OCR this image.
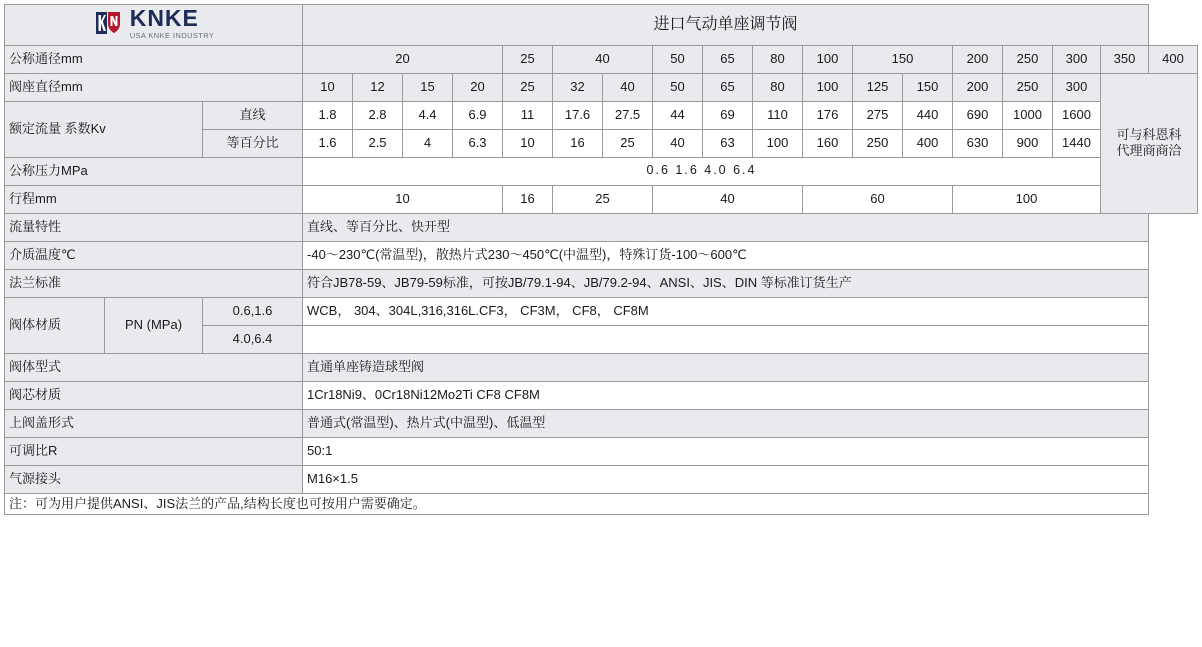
KNKE
USA KNKE INDUSTRY			进口气动单座调节阀																	
公称通径mm			20				25	40		50	65	80	100	150		200	250	300	350	400
阀座直径mm			10	12	15	20	25	32	40	50	65	80	100	125	150	200	250	300	可与科恩科
代理商商洽	
额定流量 系数Kv		直线	1.8	2.8	4.4	6.9	11	17.6	27.5	44	69	110	176	275	440	690	1000	1600		
		等百分比	1.6	2.5	4	6.3	10	16	25	40	63	100	160	250	400	630	900	1440		
公称压力MPa			0.6 1.6 4.0 6.4																	
行程mm			10				16	25		40			60			100				
流量特性			直线、等百分比、快开型																	
介质温度℃			-40～230℃(常温型)，散热片式230～450℃(中温型)，特殊订货-100～600℃																	
法兰标准			符合JB78-59、JB79-59标准，可按JB/79.1-94、JB/79.2-94、ANSI、JIS、DIN 等标准订货生产																	
阀体材质	PN (MPa)	0.6,1.6	WCB， 304、304L,316,316L.CF3， CF3M， CF8， CF8M																	
		4.0,6.4																		
阀体型式			直通单座铸造球型阀																	
阀芯材质			1Cr18Ni9、0Cr18Ni12Mo2Ti CF8 CF8M																	
上阀盖形式			普通式(常温型)、热片式(中温型)、低温型																	
可调比R			50:1																	
气源接头			M16×1.5																	
注：可为用户提供ANSI、JIS法兰的产品,结构长度也可按用户需要确定。																				
